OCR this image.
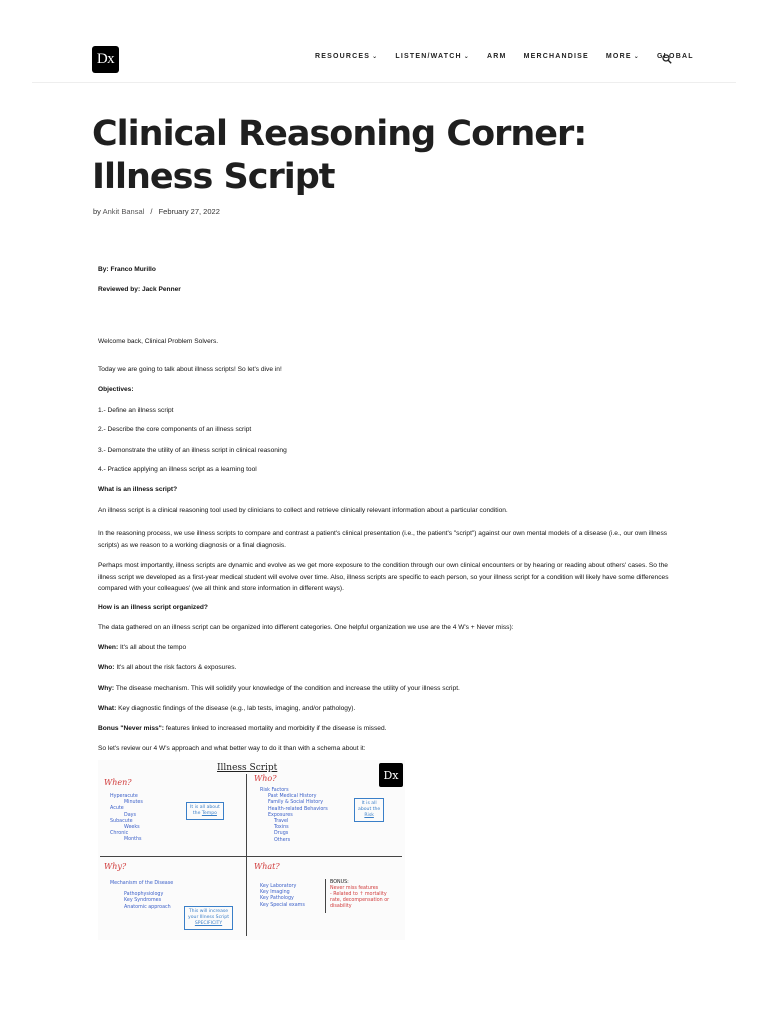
Dx	RESOURCES ⌄ LISTEN/WATCH ⌄ ARM MERCHANDISE MORE ⌄ GLOBAL
Clinical Reasoning Corner:
Illness Script
by Ankit Bansal / February 27, 2022

By: Franco Murillo

Reviewed by: Jack Penner

Welcome back, Clinical Problem Solvers.

Today we are going to talk about illness scripts! So let's dive in!

Objectives:

1.- Define an illness script

2.- Describe the core components of an illness script

3.- Demonstrate the utility of an illness script in clinical reasoning

4.- Practice applying an illness script as a learning tool

What is an illness script?

An illness script is a clinical reasoning tool used by clinicians to collect and retrieve clinically relevant information about a particular condition.

In the reasoning process, we use illness scripts to compare and contrast a patient's clinical presentation (i.e., the patient's "script") against our own mental models of a disease (i.e., our own illness scripts) as we reason to a working diagnosis or a final diagnosis.

Perhaps most importantly, illness scripts are dynamic and evolve as we get more exposure to the condition through our own clinical encounters or by hearing or reading about others' cases. So the illness script we developed as a first-year medical student will evolve over time. Also, illness scripts are specific to each person, so your illness script for a condition will likely have some differences compared with your colleagues' (we all think and store information in different ways).

How is an illness script organized?

The data gathered on an illness script can be organized into different categories. One helpful organization we use are the 4 W's + Never miss):

When: It's all about the tempo

Who: It's all about the risk factors & exposures.

Why: The disease mechanism. This will solidify your knowledge of the condition and increase the utility of your illness script.

What: Key diagnostic findings of the disease (e.g., lab tests, imaging, and/or pathology).

Bonus "Never miss": features linked to increased mortality and morbidity if the disease is missed.

So let's review our 4 W's approach and what better way to do it than with a schema about it:

Illness Script
Dx
When?
Hyperacute
Minutes
Acute
Days
Subacute
Weeks
Chronic
Months
It is all about
the Tempo
Who?
Risk Factors
Past Medical History
Family & Social History
Health-related Behaviors
Exposures
Travel
Toxins
Drugs
Others
It is all
about the
Risk
Why?
Mechanism of the Disease
Pathophysiology
Key Syndromes
Anatomic approach
This will increase
your Illness Script
SPECIFICITY
What?
Key Laboratory
Key Imaging
Key Pathology
Key Special exams
BONUS:
Never miss features
- Related to ↑ mortality
rate, decompensation or
disability
